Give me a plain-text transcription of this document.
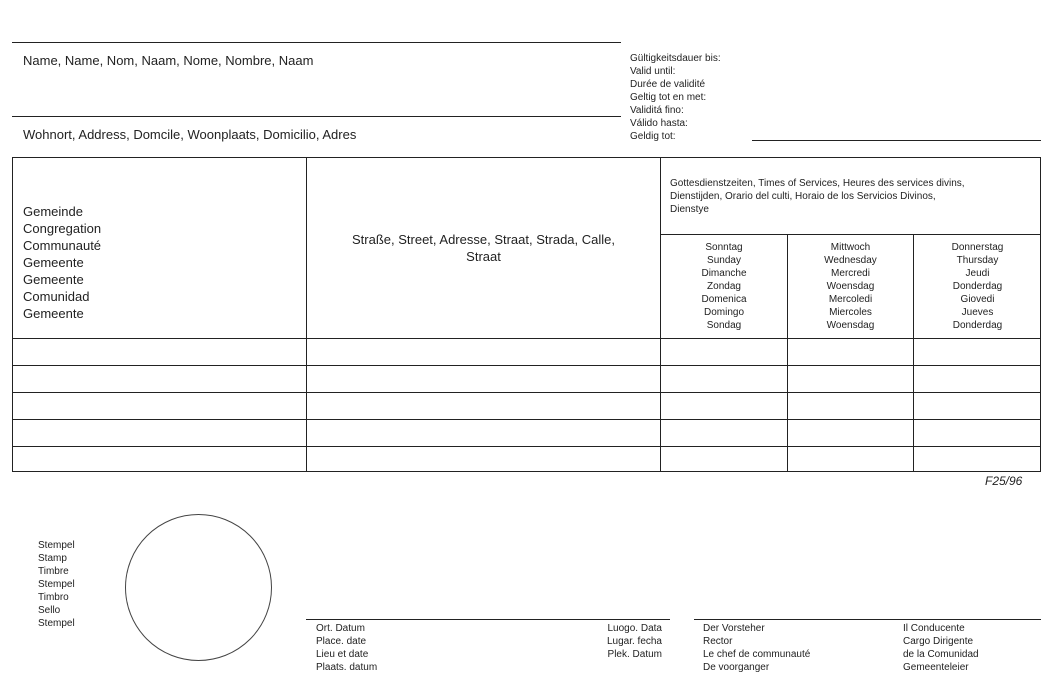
Name, Name, Nom, Naam, Nome, Nombre, Naam
Wohnort, Address, Domcile, Woonplaats, Domicilio, Adres
Gültigkeitsdauer bis:
Valid until:
Durée de validité
Geltig tot en met:
Validitá fino:
Válido hasta:
Geldig tot:
Gemeinde
Congregation
Communauté
Gemeente
Gemeente
Comunidad
Gemeente
Straße, Street, Adresse, Straat, Strada, Calle,
Straat
Gottesdienstzeiten, Times of Services, Heures des services divins,
Dienstijden, Orario del culti, Horaio de los Servicios Divinos,
Dienstye
Sonntag
Sunday
Dimanche
Zondag
Domenica
Domingo
Sondag
Mittwoch
Wednesday
Mercredi
Woensdag
Mercoledi
Miercoles
Woensdag
Donnerstag
Thursday
Jeudi
Donderdag
Giovedi
Jueves
Donderdag
F25/96
Stempel
Stamp
Timbre
Stempel
Timbro
Sello
Stempel	Ort. Datum
Place. date
Lieu et date
Plaats. datum
Luogo. Data
Lugar. fecha
Plek. Datum
Der Vorsteher
Rector
Le chef de communauté
De voorganger
Il Conducente
Cargo Dirigente
de la Comunidad
Gemeenteleier
